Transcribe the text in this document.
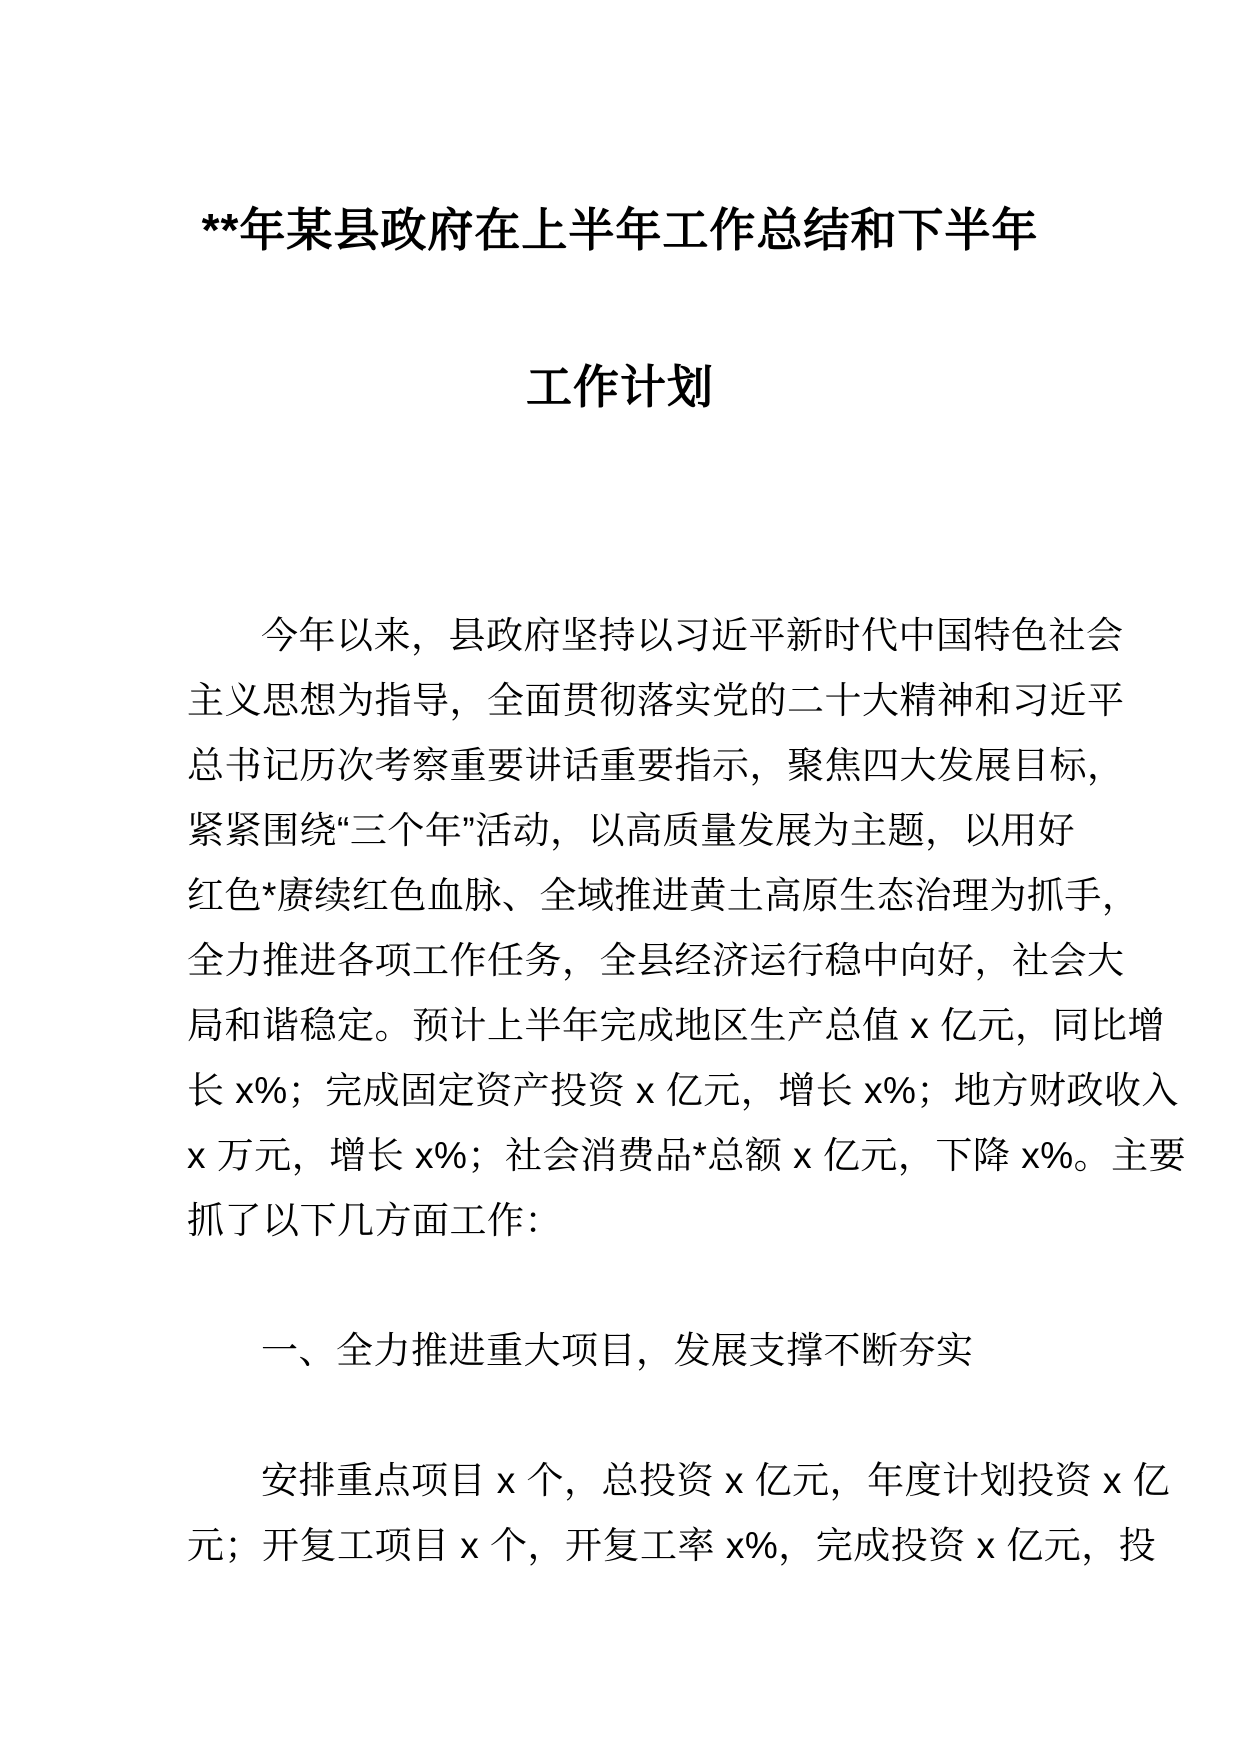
**年某县政府在上半年工作总结和下半年
工作计划
今年以来，县政府坚持以习近平新时代中国特色社会
主义思想为指导，全面贯彻落实党的二十大精神和习近平
总书记历次考察重要讲话重要指示，聚焦四大发展目标，
紧紧围绕“三个年”活动，以高质量发展为主题，以用好
红色*赓续红色血脉、全域推进黄土高原生态治理为抓手，
全力推进各项工作任务，全县经济运行稳中向好，社会大
局和谐稳定。预计上半年完成地区生产总值 x 亿元，同比增
长 x%；完成固定资产投资 x 亿元，增长 x%；地方财政收入
x 万元，增长 x%；社会消费品*总额 x 亿元，下降 x%。主要
抓了以下几方面工作：
一、全力推进重大项目，发展支撑不断夯实
安排重点项目 x 个，总投资 x 亿元，年度计划投资 x 亿
元；开复工项目 x 个，开复工率 x%，完成投资 x 亿元，投
